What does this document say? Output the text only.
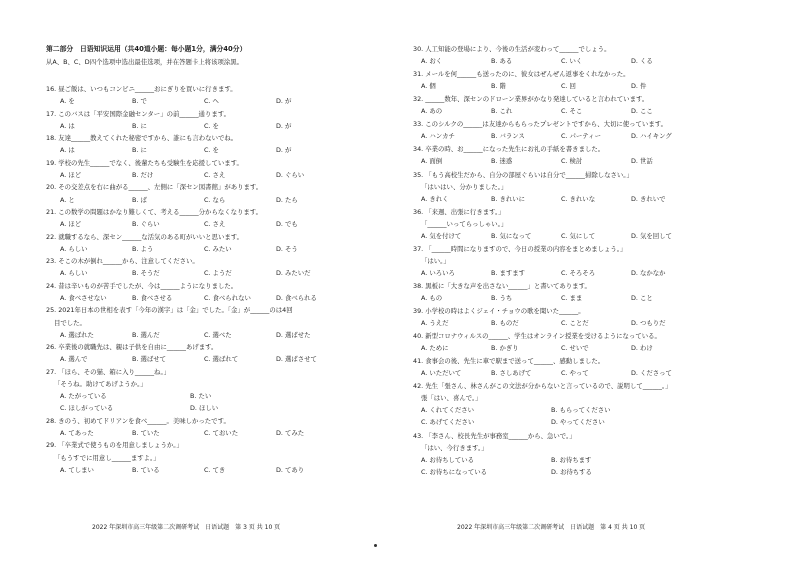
第二部分　日语知识运用（共40道小题：每小题1分，满分40分）
从A、B、C、D四个选项中选出最佳选项，并在答题卡上将该项涂黑。
16. 昼ご飯は、いつもコンビニ______おにぎりを買いに行きます。
A. を	B. で	C. へ	D. が
17. このバスは「平安国際金融センター」の前______通ります。
A. は	B. に	C. を	D. が
18. 友達______教えてくれた秘密ですから、誰にも言わないでね。
A. は	B. に	C. を	D. が
19. 学校の先生______でなく、後輩たちも受験生を応援しています。
A. ほど	B. だけ	C. さえ	D. ぐらい
20. その交差点を右に曲がる______、左側に「深セン図書館」があります。
A. と	B. ば	C. なら	D. たら
21. この数学の問題はかなり難しくて、考える______分からなくなります。
A. ほど	B. ぐらい	C. さえ	D. でも
22. 就職するなら、深セン______な活気のある町がいいと思います。
A. らしい	B. よう	C. みたい	D. そう
23. そこの木が倒れ______から、注意してください。
A. らしい	B. そうだ	C. ようだ	D. みたいだ
24. 昔は辛いものが苦手でしたが、今は______ようになりました。
A. 食べさせない	B. 食べさせる	C. 食べられない	D. 食べられる
25. 2021年日本の世相を表す「今年の漢字」は「金」でした。「金」が______のは4回
目でした。
A. 選ばれた	B. 選んだ	C. 選べた	D. 選ばせた
26. 卒業後の就職先は、親は子供を自由に______あげます。
A. 選んで	B. 選ばせて	C. 選ばれて	D. 選ばさせて
27. 「ほら、その猫、箱に入り______ね。」
「そうね。助けてあげようか。」
A. たがっている	B. たい
C. ほしがっている	D. ほしい
28. きのう、初めてドリアンを食べ______。美味しかったです。
A. てあった	B. ていた	C. ておいた	D. てみた
29. 「卒業式で使うものを用意しましょうか。」
「もうすでに用意し______ますよ。」
A. てしまい	B. ている	C. てき	D. てあり
2022 年深圳市高三年级第二次调研考试　日语试题　第 3 页 共 10 页
30. 人工知能の登場により、今後の生活が変わって______でしょう。
A. おく	B. ある	C. いく	D. くる
31. メールを何______も送ったのに、彼女はぜんぜん返事をくれなかった。
A. 個	B. 階	C. 回	D. 件
32. ______数年、深センのドローン業界がかなり発達していると言われています。
A. あの	B. これ	C. そこ	D. ここ
33. このシルクの______は友達からもらったプレゼントですから、大切に使っています。
A. ハンカチ	B. バランス	C. パーティー	D. ハイキング
34. 卒業の時、お______になった先生にお礼の手紙を書きました。
A. 面倒	B. 迷惑	C. 検討	D. 世話
35. 「もう高校生だから、自分の部屋ぐらいは自分で______掃除しなさい。」
「はいはい、分かりました。」
A. きれく	B. きれいに	C. きれいな	D. きれいで
36. 「来週、出張に行きます。」
「______いってらっしゃい。」
A. 気を付けて	B. 気になって	C. 気にして	D. 気を回して
37. 「______時間になりますので、今日の授業の内容をまとめましょう。」
「はい。」
A. いろいろ	B. ますます	C. そろそろ	D. なかなか
38. 黒板に「大きな声を出さない______」と書いてあります。
A. もの	B. うち	C. まま	D. こと
39. 小学校の時はよくジェイ・チョウの歌を聞いた______。
A. うえだ	B. ものだ	C. ことだ	D. つもりだ
40. 新型コロナウィルスの______、学生はオンライン授業を受けるようになっている。
A. ために	B. かぎり	C. せいで	D. わけ
41. 食事会の後、先生に車で駅まで送って______、感動しました。
A. いただいて	B. さしあげて	C. やって	D. くださって
42. 先生「張さん、林さんがこの文法が分からないと言っているので、説明して______。」
張「はい、喜んで。」
A. くれてください	B. もらってください
C. あげてください	D. やってください
43. 「李さん、校長先生が事務室______から、急いで。」
「はい、今行きます。」
A. お待ちしている	B. お待ちます
C. お待ちになっている	D. お待ちする
2022 年深圳市高三年级第二次调研考试　日语试题　第 4 页 共 10 页
